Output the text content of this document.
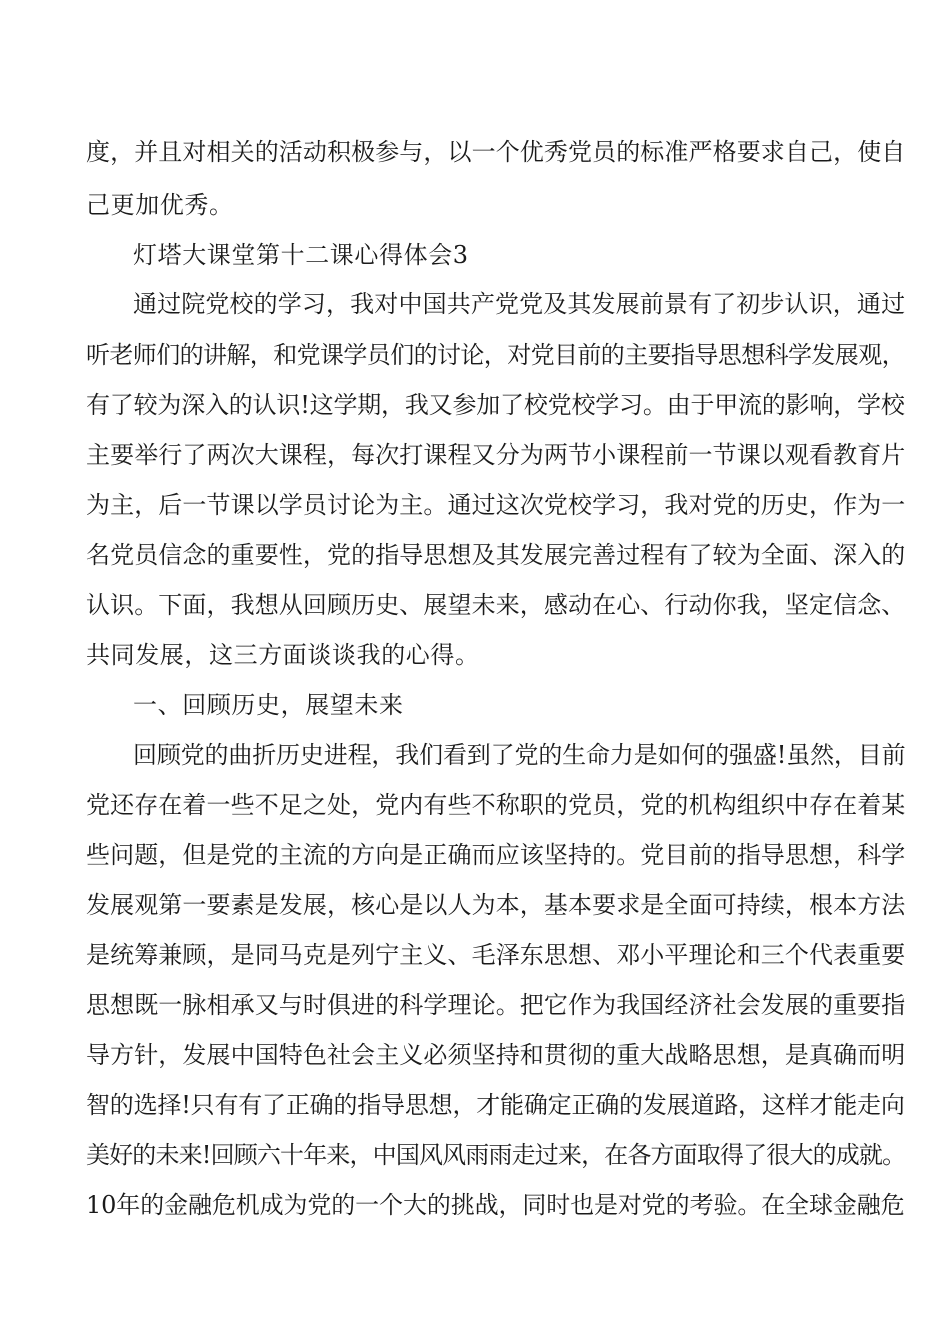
度，并且对相关的活动积极参与，以一个优秀党员的标准严格要求自己，使自
己更加优秀。
灯塔大课堂第十二课心得体会3
通过院党校的学习，我对中国共产党党及其发展前景有了初步认识，通过
听老师们的讲解，和党课学员们的讨论，对党目前的主要指导思想科学发展观，
有了较为深入的认识!这学期，我又参加了校党校学习。由于甲流的影响，学校
主要举行了两次大课程，每次打课程又分为两节小课程前一节课以观看教育片
为主，后一节课以学员讨论为主。通过这次党校学习，我对党的历史，作为一
名党员信念的重要性，党的指导思想及其发展完善过程有了较为全面、深入的
认识。下面，我想从回顾历史、展望未来，感动在心、行动你我，坚定信念、
共同发展，这三方面谈谈我的心得。
一、回顾历史，展望未来
回顾党的曲折历史进程，我们看到了党的生命力是如何的强盛!虽然，目前
党还存在着一些不足之处，党内有些不称职的党员，党的机构组织中存在着某
些问题，但是党的主流的方向是正确而应该坚持的。党目前的指导思想，科学
发展观第一要素是发展，核心是以人为本，基本要求是全面可持续，根本方法
是统筹兼顾，是同马克是列宁主义、毛泽东思想、邓小平理论和三个代表重要
思想既一脉相承又与时俱进的科学理论。把它作为我国经济社会发展的重要指
导方针，发展中国特色社会主义必须坚持和贯彻的重大战略思想，是真确而明
智的选择!只有有了正确的指导思想，才能确定正确的发展道路，这样才能走向
美好的未来!回顾六十年来，中国风风雨雨走过来，在各方面取得了很大的成就。
10年的金融危机成为党的一个大的挑战，同时也是对党的考验。在全球金融危
